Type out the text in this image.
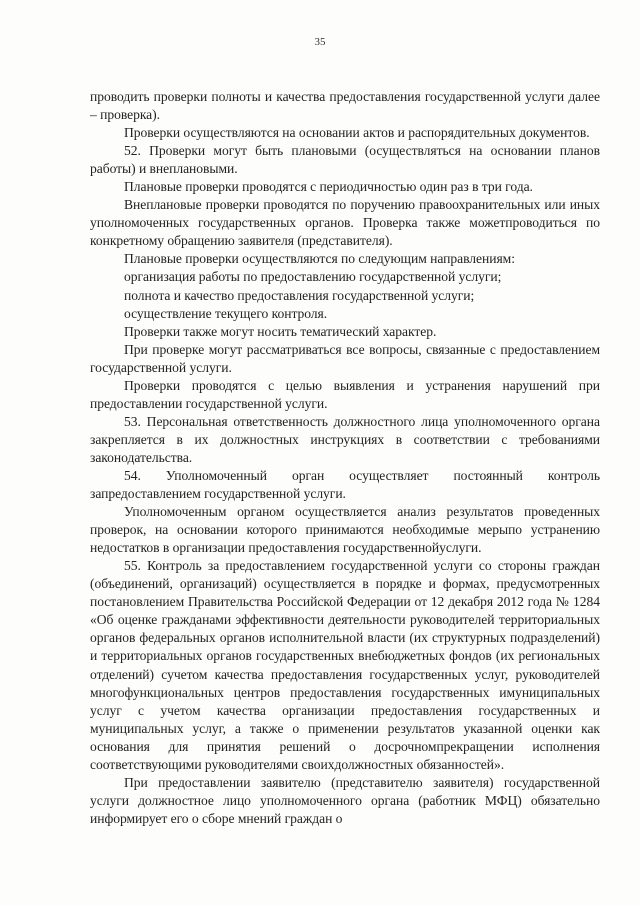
35

проводить проверки полноты и качества предоставления государственной услуги далее – проверка).

Проверки осуществляются на основании актов и распорядительных документов.

52. Проверки могут быть плановыми (осуществляться на основании планов работы) и внеплановыми.

Плановые проверки проводятся с периодичностью один раз в три года.

Внеплановые проверки проводятся по поручению правоохранительных или иных уполномоченных государственных органов. Проверка также можетпроводиться по конкретному обращению заявителя (представителя).

Плановые проверки осуществляются по следующим направлениям:

организация работы по предоставлению государственной услуги;

полнота и качество предоставления государственной услуги;

осуществление текущего контроля.

Проверки также могут носить тематический характер.

При проверке могут рассматриваться все вопросы, связанные с предоставлением государственной услуги.

Проверки проводятся с целью выявления и устранения нарушений при предоставлении государственной услуги.

53. Персональная ответственность должностного лица уполномоченного органа закрепляется в их должностных инструкциях в соответствии с требованиями законодательства.

54. Уполномоченный орган осуществляет постоянный контроль запредоставлением государственной услуги.

Уполномоченным органом осуществляется анализ результатов проведенных проверок, на основании которого принимаются необходимые мерыпо устранению недостатков в организации предоставления государственнойуслуги.

55. Контроль за предоставлением государственной услуги со стороны граждан (объединений, организаций) осуществляется в порядке и формах, предусмотренных постановлением Правительства Российской Федерации от 12 декабря 2012 года № 1284 «Об оценке гражданами эффективности деятельности руководителей территориальных органов федеральных органов исполнительной власти (их структурных подразделений) и территориальных органов государственных внебюджетных фондов (их региональных отделений) сучетом качества предоставления государственных услуг, руководителей многофункциональных центров предоставления государственных имуниципальных услуг с учетом качества организации предоставления государственных и муниципальных услуг, а также о применении результатов указанной оценки как основания для принятия решений о досрочномпрекращении исполнения соответствующими руководителями своихдолжностных обязанностей».

При предоставлении заявителю (представителю заявителя) государственной услуги должностное лицо уполномоченного органа (работник МФЦ) обязательно информирует его о сборе мнений граждан о
